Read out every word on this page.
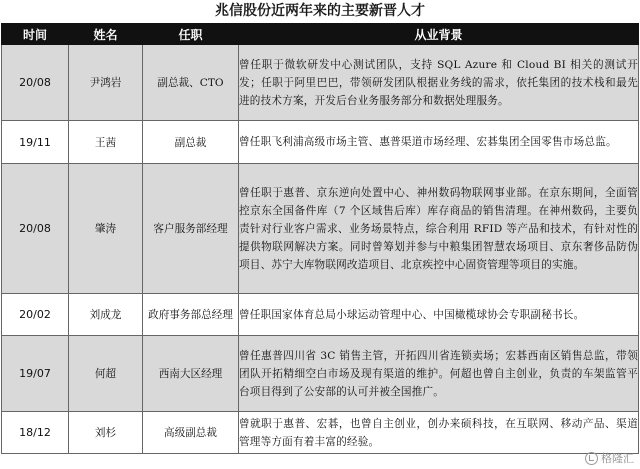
兆信股份近两年来的主要新晋人才
时间	姓名	任职	从业背景
20/08	尹鸿岩	副总裁、CTO	曾任职于微软研发中心测试团队，支持 SQL Azure 和 Cloud BI 相关的测试开发；任职于阿里巴巴，带领研发团队根据业务线的需求，依托集团的技术栈和最先进的技术方案，开发后台业务服务部分和数据处理服务。
19/11	王茜	副总裁	曾任职飞利浦高级市场主管、惠普渠道市场经理、宏碁集团全国零售市场总监。
20/08	肇涛	客户服务部经理	曾任职于惠普、京东逆向处置中心、神州数码物联网事业部。在京东期间，全面管控京东全国备件库（7 个区域售后库）库存商品的销售清理。在神州数码，主要负责针对行业客户需求、业务场景特点，综合利用 RFID 等产品和技术，有针对性的提供物联网解决方案。同时曾筹划并参与中粮集团智慧农场项目、京东奢侈品防伪项目、苏宁大库物联网改造项目、北京疾控中心固资管理等项目的实施。
20/02	刘成龙	政府事务部总经理	曾任职国家体育总局小球运动管理中心、中国橄榄球协会专职副秘书长。
19/07	何超	西南大区经理	曾任惠普四川省 3C 销售主管，开拓四川省连锁卖场；宏碁西南区销售总监，带领团队开拓精细空白市场及现有渠道的维护。何超也曾自主创业，负责的车架监管平台项目得到了公安部的认可并被全国推广。
18/12	刘杉	高级副总裁	曾就职于惠普、宏碁，也曾自主创业，创办来硕科技，在互联网、移动产品、渠道管理等方面有着丰富的经验。
格隆汇
